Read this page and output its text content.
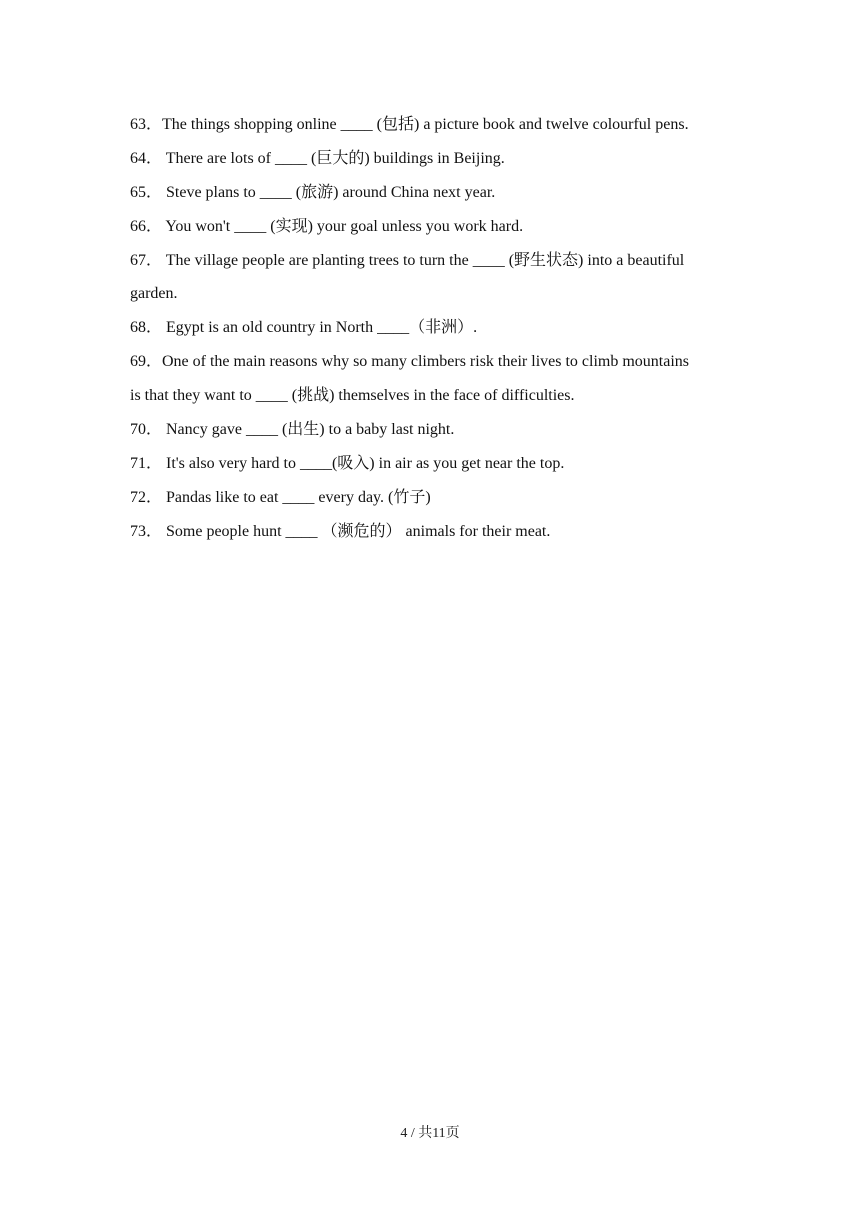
63．The things shopping online ____ (包括) a picture book and twelve colourful pens.
64． There are lots of ____ (巨大的) buildings in Beijing.
65． Steve plans to ____ (旅游) around China next year.
66． You won't ____ (实现) your goal unless you work hard.
67． The village people are planting trees to turn the ____ (野生状态) into a beautiful
garden.
68． Egypt is an old country in North ____（非洲）.
69．One of the main reasons why so many climbers risk their lives to climb mountains
is that they want to ____ (挑战) themselves in the face of difficulties.
70． Nancy gave ____ (出生) to a baby last night.
71． It's also very hard to ____(吸入) in air as you get near the top.
72． Pandas like to eat ____ every day. (竹子)
73． Some people hunt ____ （濒危的） animals for their meat.
4 / 共11页
